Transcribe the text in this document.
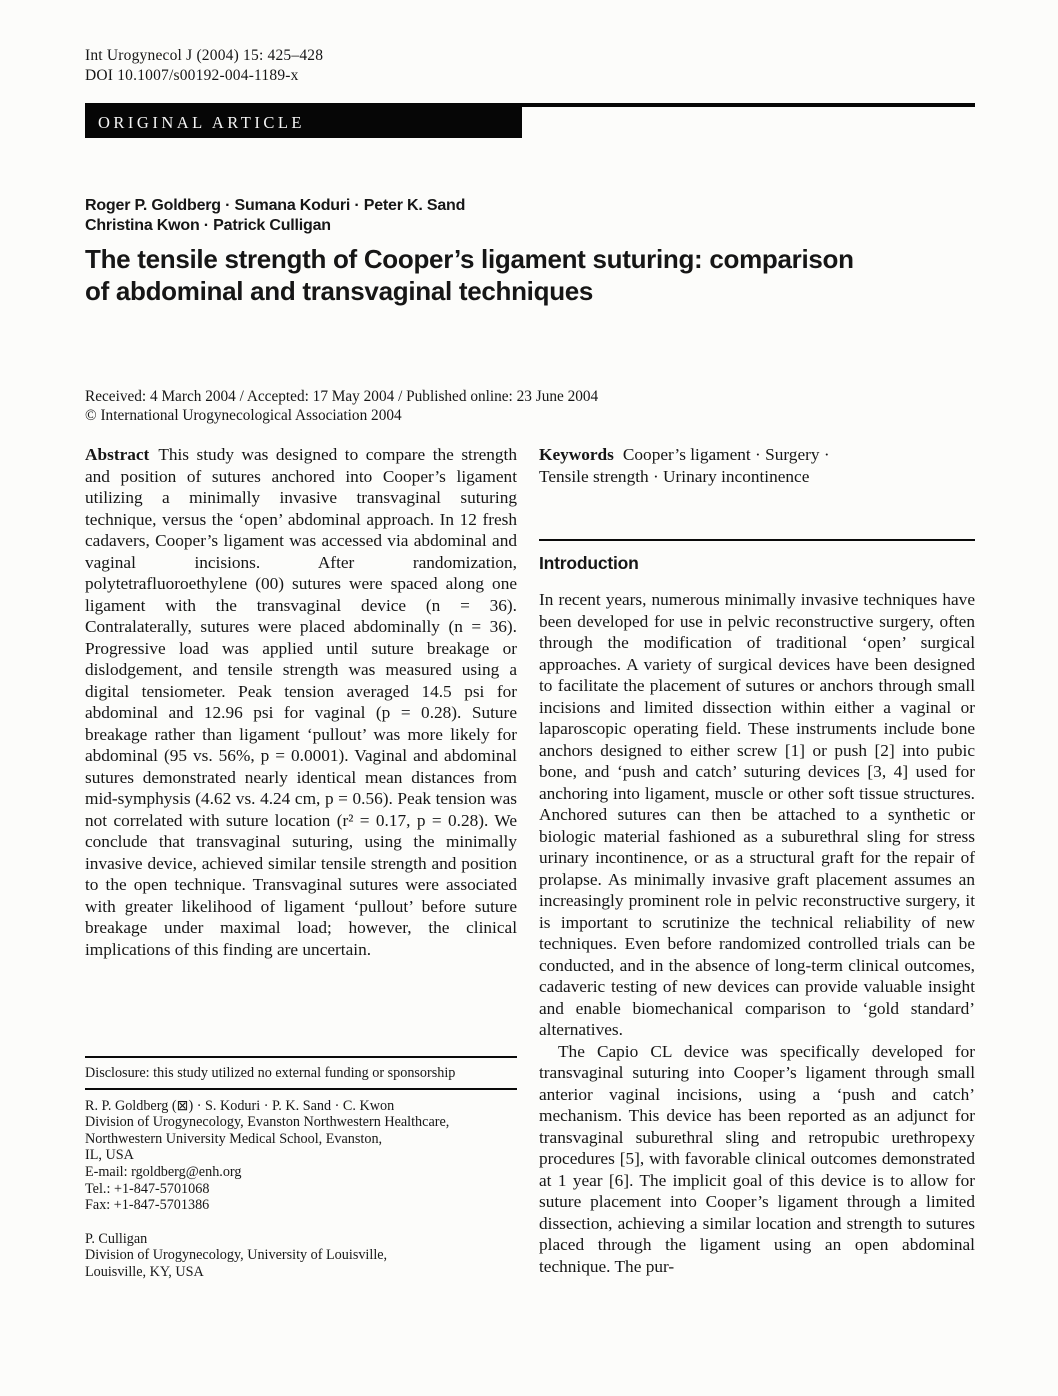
Int Urogynecol J (2004) 15: 425–428
DOI 10.1007/s00192-004-1189-x
ORIGINAL ARTICLE
Roger P. Goldberg · Sumana Koduri · Peter K. Sand
Christina Kwon · Patrick Culligan
The tensile strength of Cooper’s ligament suturing: comparison
of abdominal and transvaginal techniques
Received: 4 March 2004 / Accepted: 17 May 2004 / Published online: 23 June 2004
© International Urogynecological Association 2004

Abstract This study was designed to compare the strength and position of sutures anchored into Cooper’s ligament utilizing a minimally invasive transvaginal suturing technique, versus the ‘open’ abdominal approach. In 12 fresh cadavers, Cooper’s ligament was accessed via abdominal and vaginal incisions. After randomization, polytetrafluoroethylene (00) sutures were spaced along one ligament with the transvaginal device (n = 36). Contralaterally, sutures were placed abdominally (n = 36). Progressive load was applied until suture breakage or dislodgement, and tensile strength was measured using a digital tensiometer. Peak tension averaged 14.5 psi for abdominal and 12.96 psi for vaginal (p = 0.28). Suture breakage rather than ligament ‘pullout’ was more likely for abdominal (95 vs. 56%, p = 0.0001). Vaginal and abdominal sutures demonstrated nearly identical mean distances from mid-symphysis (4.62 vs. 4.24 cm, p = 0.56). Peak tension was not correlated with suture location (r² = 0.17, p = 0.28). We conclude that transvaginal suturing, using the minimally invasive device, achieved similar tensile strength and position to the open technique. Transvaginal sutures were associated with greater likelihood of ligament ‘pullout’ before suture breakage under maximal load; however, the clinical implications of this finding are uncertain.

Disclosure: this study utilized no external funding or sponsorship
R. P. Goldberg (⊠) · S. Koduri · P. K. Sand · C. Kwon
Division of Urogynecology, Evanston Northwestern Healthcare,
Northwestern University Medical School, Evanston,
IL, USA
E-mail: rgoldberg@enh.org
Tel.: +1-847-5701068
Fax: +1-847-5701386
P. Culligan
Division of Urogynecology, University of Louisville,
Louisville, KY, USA

Keywords Cooper’s ligament · Surgery ·
Tensile strength · Urinary incontinence

Introduction

In recent years, numerous minimally invasive techniques have been developed for use in pelvic reconstructive surgery, often through the modification of traditional ‘open’ surgical approaches. A variety of surgical devices have been designed to facilitate the placement of sutures or anchors through small incisions and limited dissection within either a vaginal or laparoscopic operating field. These instruments include bone anchors designed to either screw [1] or push [2] into pubic bone, and ‘push and catch’ suturing devices [3, 4] used for anchoring into ligament, muscle or other soft tissue structures. Anchored sutures can then be attached to a synthetic or biologic material fashioned as a suburethral sling for stress urinary incontinence, or as a structural graft for the repair of prolapse. As minimally invasive graft placement assumes an increasingly prominent role in pelvic reconstructive surgery, it is important to scrutinize the technical reliability of new techniques. Even before randomized controlled trials can be conducted, and in the absence of long-term clinical outcomes, cadaveric testing of new devices can provide valuable insight and enable biomechanical comparison to ‘gold standard’ alternatives.

The Capio CL device was specifically developed for transvaginal suturing into Cooper’s ligament through small anterior vaginal incisions, using a ‘push and catch’ mechanism. This device has been reported as an adjunct for transvaginal suburethral sling and retropubic urethropexy procedures [5], with favorable clinical outcomes demonstrated at 1 year [6]. The implicit goal of this device is to allow for suture placement into Cooper’s ligament through a limited dissection, achieving a similar location and strength to sutures placed through the ligament using an open abdominal technique. The pur-
